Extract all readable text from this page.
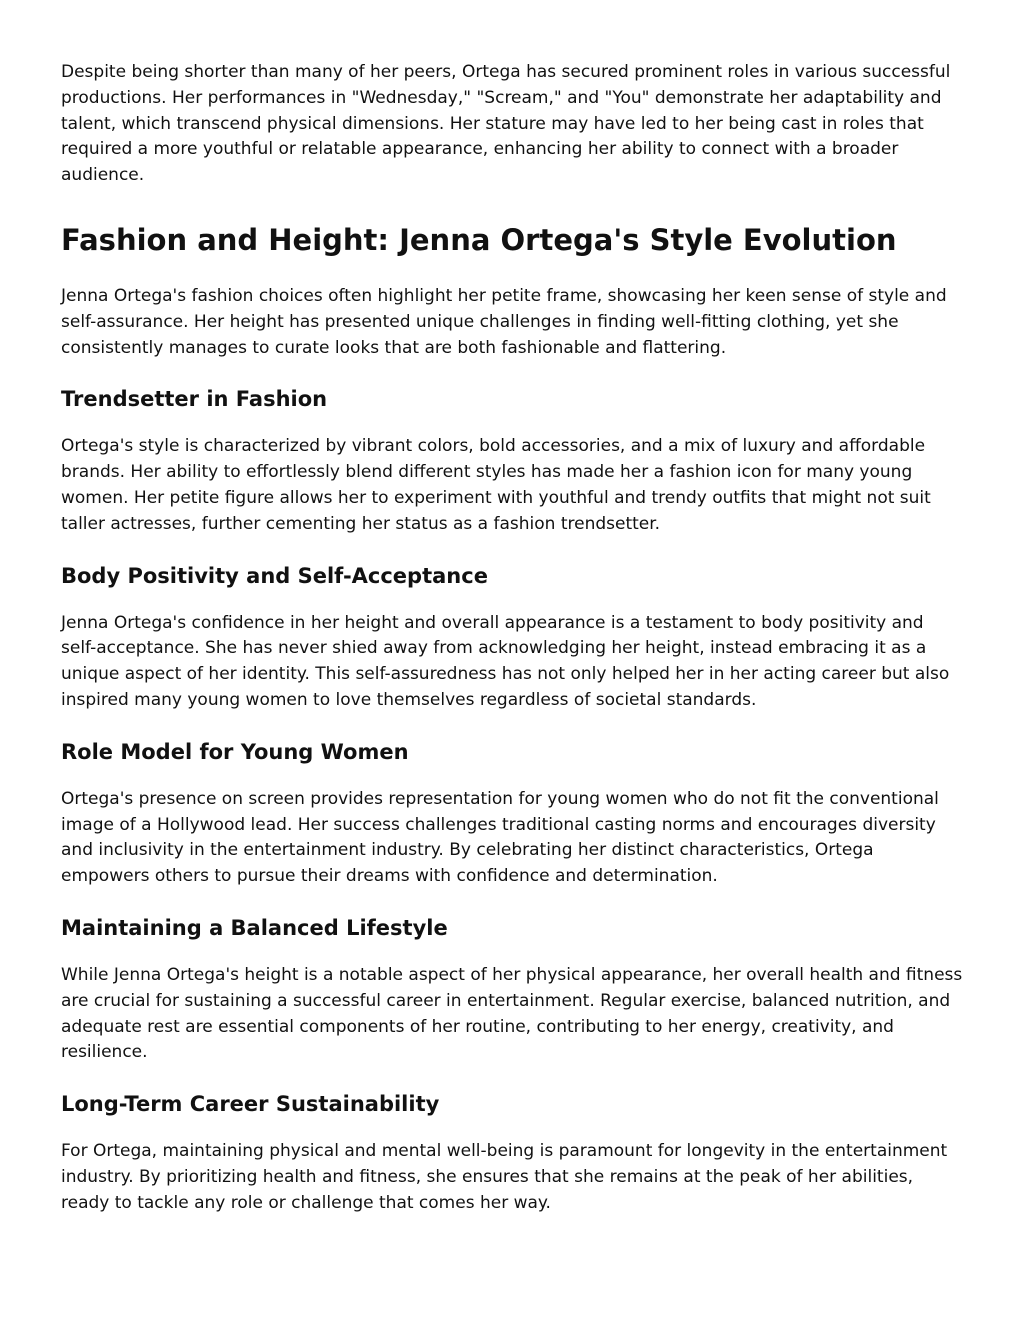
Despite being shorter than many of her peers, Ortega has secured prominent roles in various successful productions. Her performances in "Wednesday," "Scream," and "You" demonstrate her adaptability and talent, which transcend physical dimensions. Her stature may have led to her being cast in roles that required a more youthful or relatable appearance, enhancing her ability to connect with a broader audience.

Fashion and Height: Jenna Ortega's Style Evolution

Jenna Ortega's fashion choices often highlight her petite frame, showcasing her keen sense of style and self-assurance. Her height has presented unique challenges in finding well-fitting clothing, yet she consistently manages to curate looks that are both fashionable and flattering.

Trendsetter in Fashion

Ortega's style is characterized by vibrant colors, bold accessories, and a mix of luxury and affordable brands. Her ability to effortlessly blend different styles has made her a fashion icon for many young women. Her petite figure allows her to experiment with youthful and trendy outfits that might not suit taller actresses, further cementing her status as a fashion trendsetter.

Body Positivity and Self-Acceptance

Jenna Ortega's confidence in her height and overall appearance is a testament to body positivity and self-acceptance. She has never shied away from acknowledging her height, instead embracing it as a unique aspect of her identity. This self-assuredness has not only helped her in her acting career but also inspired many young women to love themselves regardless of societal standards.

Role Model for Young Women

Ortega's presence on screen provides representation for young women who do not fit the conventional image of a Hollywood lead. Her success challenges traditional casting norms and encourages diversity and inclusivity in the entertainment industry. By celebrating her distinct characteristics, Ortega empowers others to pursue their dreams with confidence and determination.

Maintaining a Balanced Lifestyle

While Jenna Ortega's height is a notable aspect of her physical appearance, her overall health and fitness are crucial for sustaining a successful career in entertainment. Regular exercise, balanced nutrition, and adequate rest are essential components of her routine, contributing to her energy, creativity, and resilience.

Long-Term Career Sustainability

For Ortega, maintaining physical and mental well-being is paramount for longevity in the entertainment industry. By prioritizing health and fitness, she ensures that she remains at the peak of her abilities, ready to tackle any role or challenge that comes her way.
